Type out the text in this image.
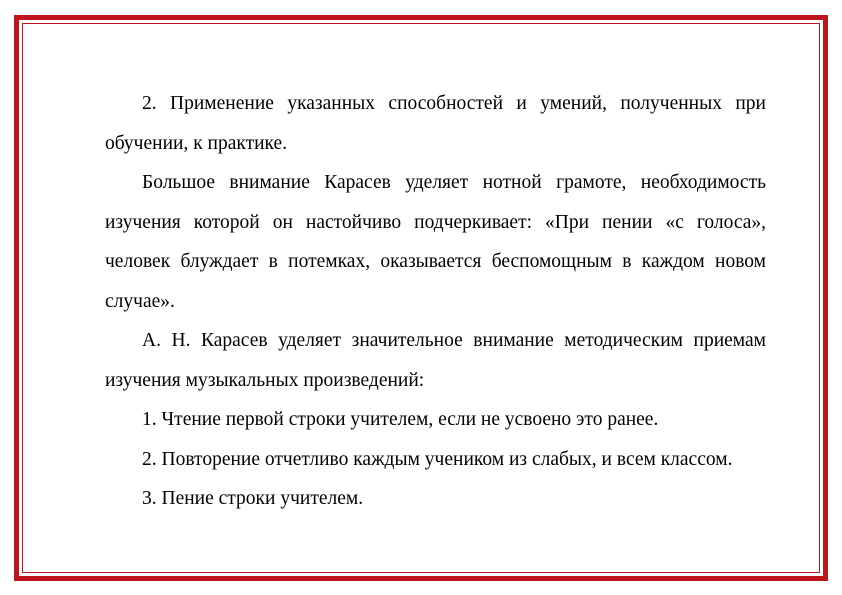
2. Применение указанных способностей и умений, полученных при обучении, к практике.

Большое внимание Карасев уделяет нотной грамоте, необходимость изучения которой он настойчиво подчеркивает: «При пении «с голоса», человек блуждает в потемках, оказывается беспомощным в каждом новом случае».

А. Н. Карасев уделяет значительное внимание методическим приемам изучения музыкальных произведений:

1. Чтение первой строки учителем, если не усвоено это ранее.

2. Повторение отчетливо каждым учеником из слабых, и всем классом.

3. Пение строки учителем.
